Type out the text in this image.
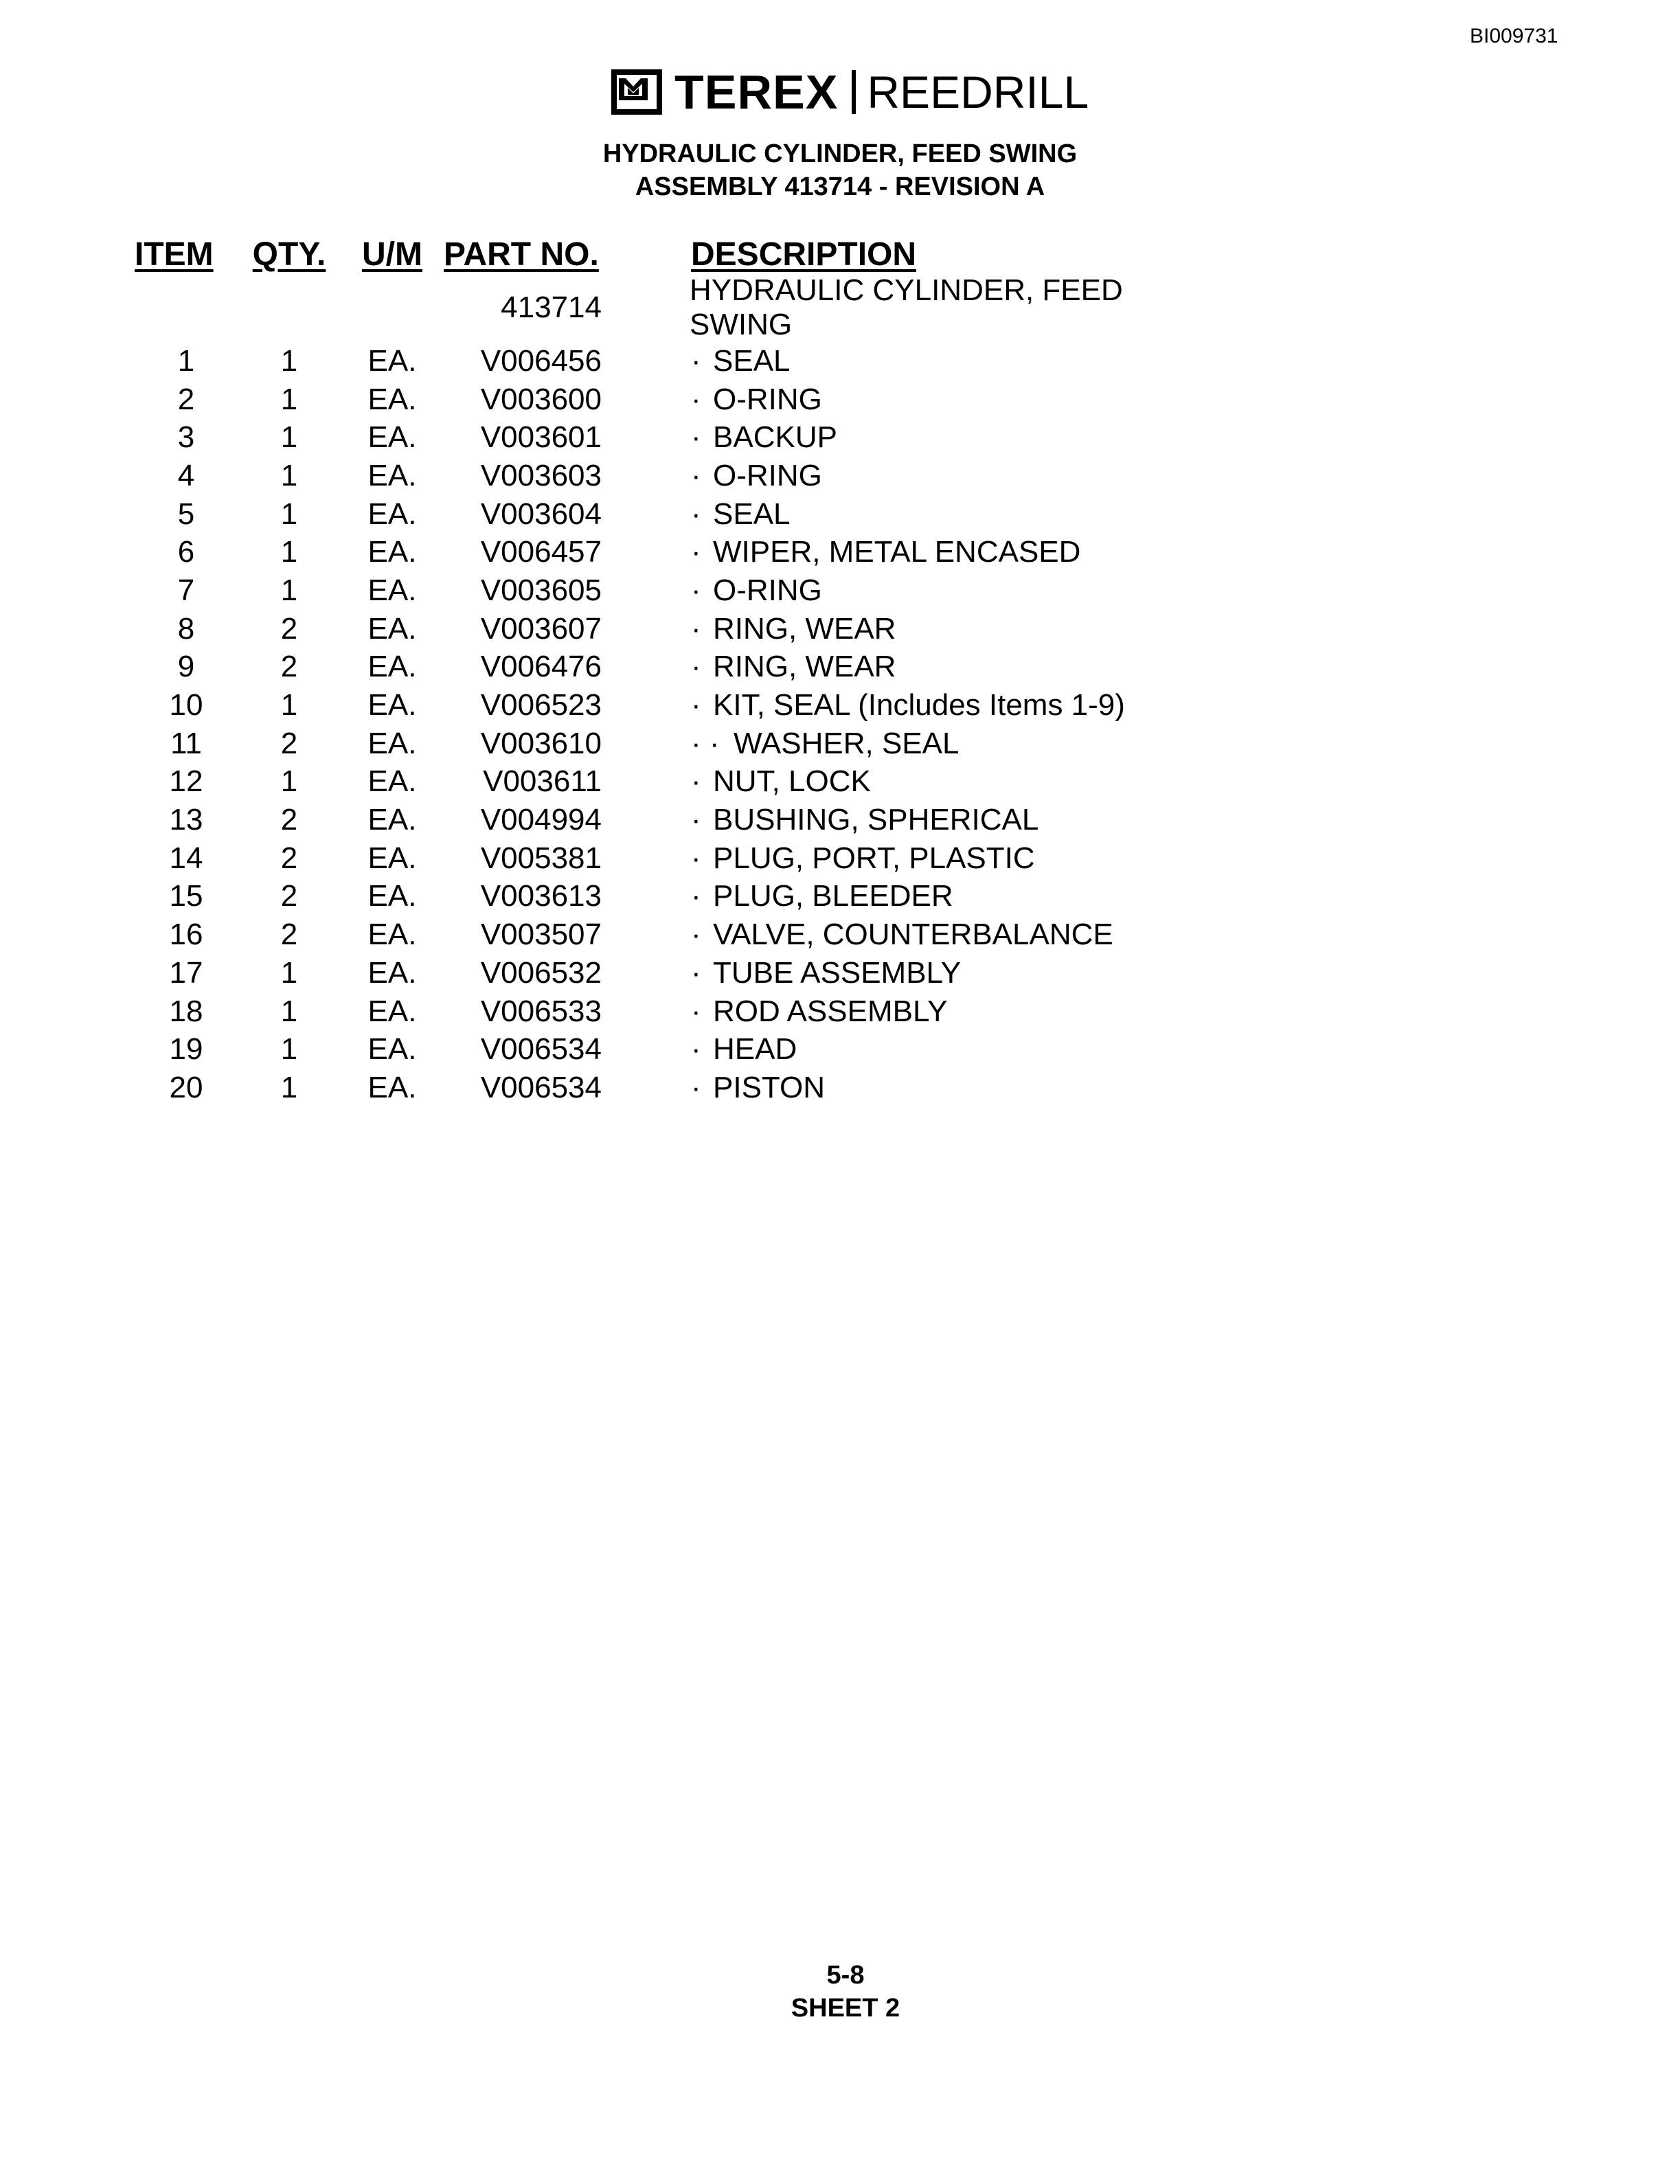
BI009731
TEREX REEDRILL
HYDRAULIC CYLINDER, FEED SWING
ASSEMBLY 413714 - REVISION A
ITEM	QTY.	U/M	PART NO.	DESCRIPTION
			413714	HYDRAULIC CYLINDER, FEED SWING
1	1	EA.	V006456	· SEAL
2	1	EA.	V003600	· O-RING
3	1	EA.	V003601	· BACKUP
4	1	EA.	V003603	· O-RING
5	1	EA.	V003604	· SEAL
6	1	EA.	V006457	· WIPER, METAL ENCASED
7	1	EA.	V003605	· O-RING
8	2	EA.	V003607	· RING, WEAR
9	2	EA.	V006476	· RING, WEAR
10	1	EA.	V006523	· KIT, SEAL (Includes Items 1-9)
11	2	EA.	V003610	· · WASHER, SEAL
12	1	EA.	V003611	· NUT, LOCK
13	2	EA.	V004994	· BUSHING, SPHERICAL
14	2	EA.	V005381	· PLUG, PORT, PLASTIC
15	2	EA.	V003613	· PLUG, BLEEDER
16	2	EA.	V003507	· VALVE, COUNTERBALANCE
17	1	EA.	V006532	· TUBE ASSEMBLY
18	1	EA.	V006533	· ROD ASSEMBLY
19	1	EA.	V006534	· HEAD
20	1	EA.	V006534	· PISTON
5-8
SHEET 2
